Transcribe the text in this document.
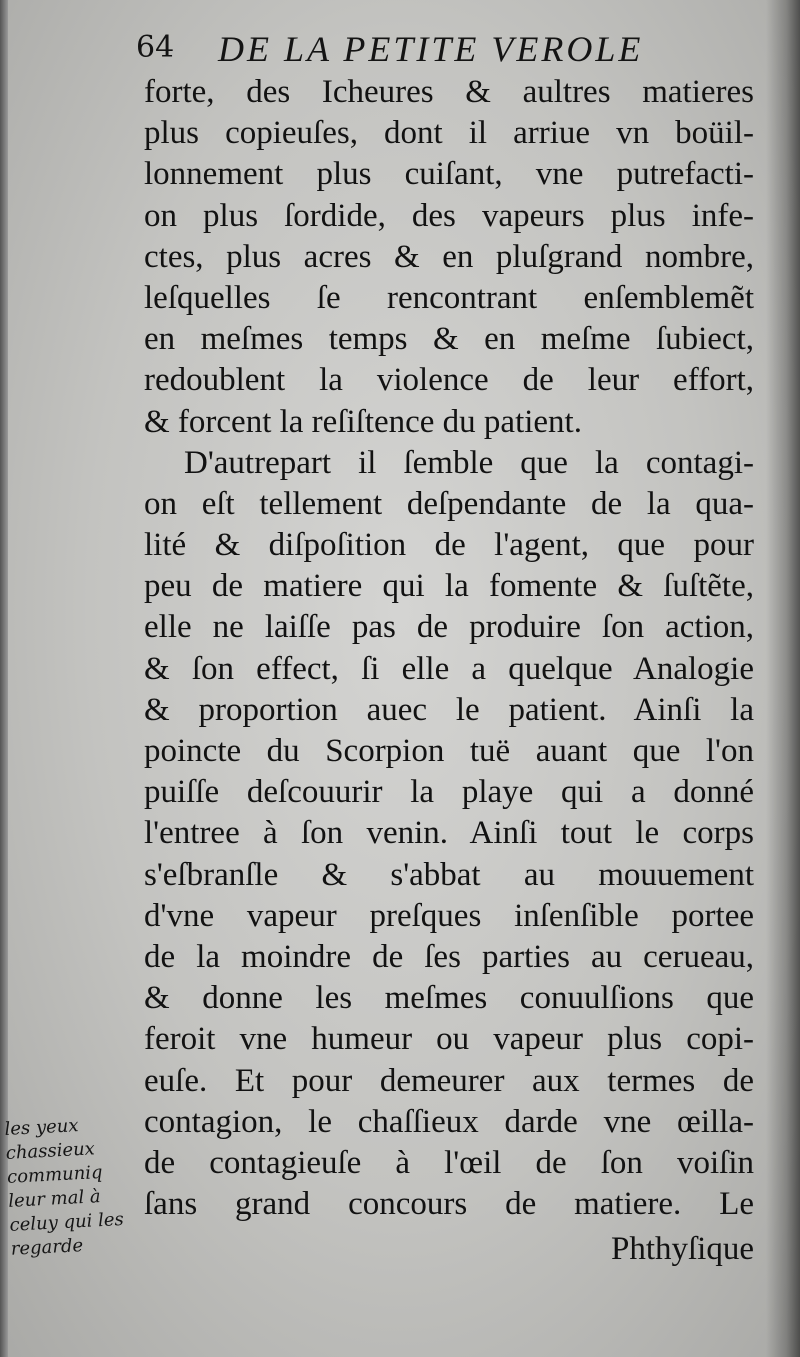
64 DE LA PETITE VEROLE
forte, des Icheures & aultres matieres
plus copieuſes, dont il arriue vn boüil-
lonnement plus cuiſant, vne putrefacti-
on plus ſordide, des vapeurs plus infe-
ctes, plus acres & en pluſgrand nombre,
leſquelles ſe rencontrant enſemblemẽt
en meſmes temps & en meſme ſubiect,
redoublent la violence de leur effort,
& forcent la reſiſtence du patient.
D'autrepart il ſemble que la contagi-
on eſt tellement deſpendante de la qua-
lité & diſpoſition de l'agent, que pour
peu de matiere qui la fomente & ſuſtẽte,
elle ne laiſſe pas de produire ſon action,
& ſon effect, ſi elle a quelque Analogie
& proportion auec le patient. Ainſi la
poincte du Scorpion tuë auant que l'on
puiſſe deſcouurir la playe qui a donné
l'entree à ſon venin. Ainſi tout le corps
s'eſbranſle & s'abbat au mouuement
d'vne vapeur preſques inſenſible portee
de la moindre de ſes parties au cerueau,
& donne les meſmes conuulſions que
feroit vne humeur ou vapeur plus copi-
euſe. Et pour demeurer aux termes de
contagion, le chaſſieux darde vne œilla-
de contagieuſe à l'œil de ſon voiſin
ſans grand concours de matiere. Le
Phthyſique
les yeux
chassieux
communiq
leur mal à
celuy qui les
regarde
